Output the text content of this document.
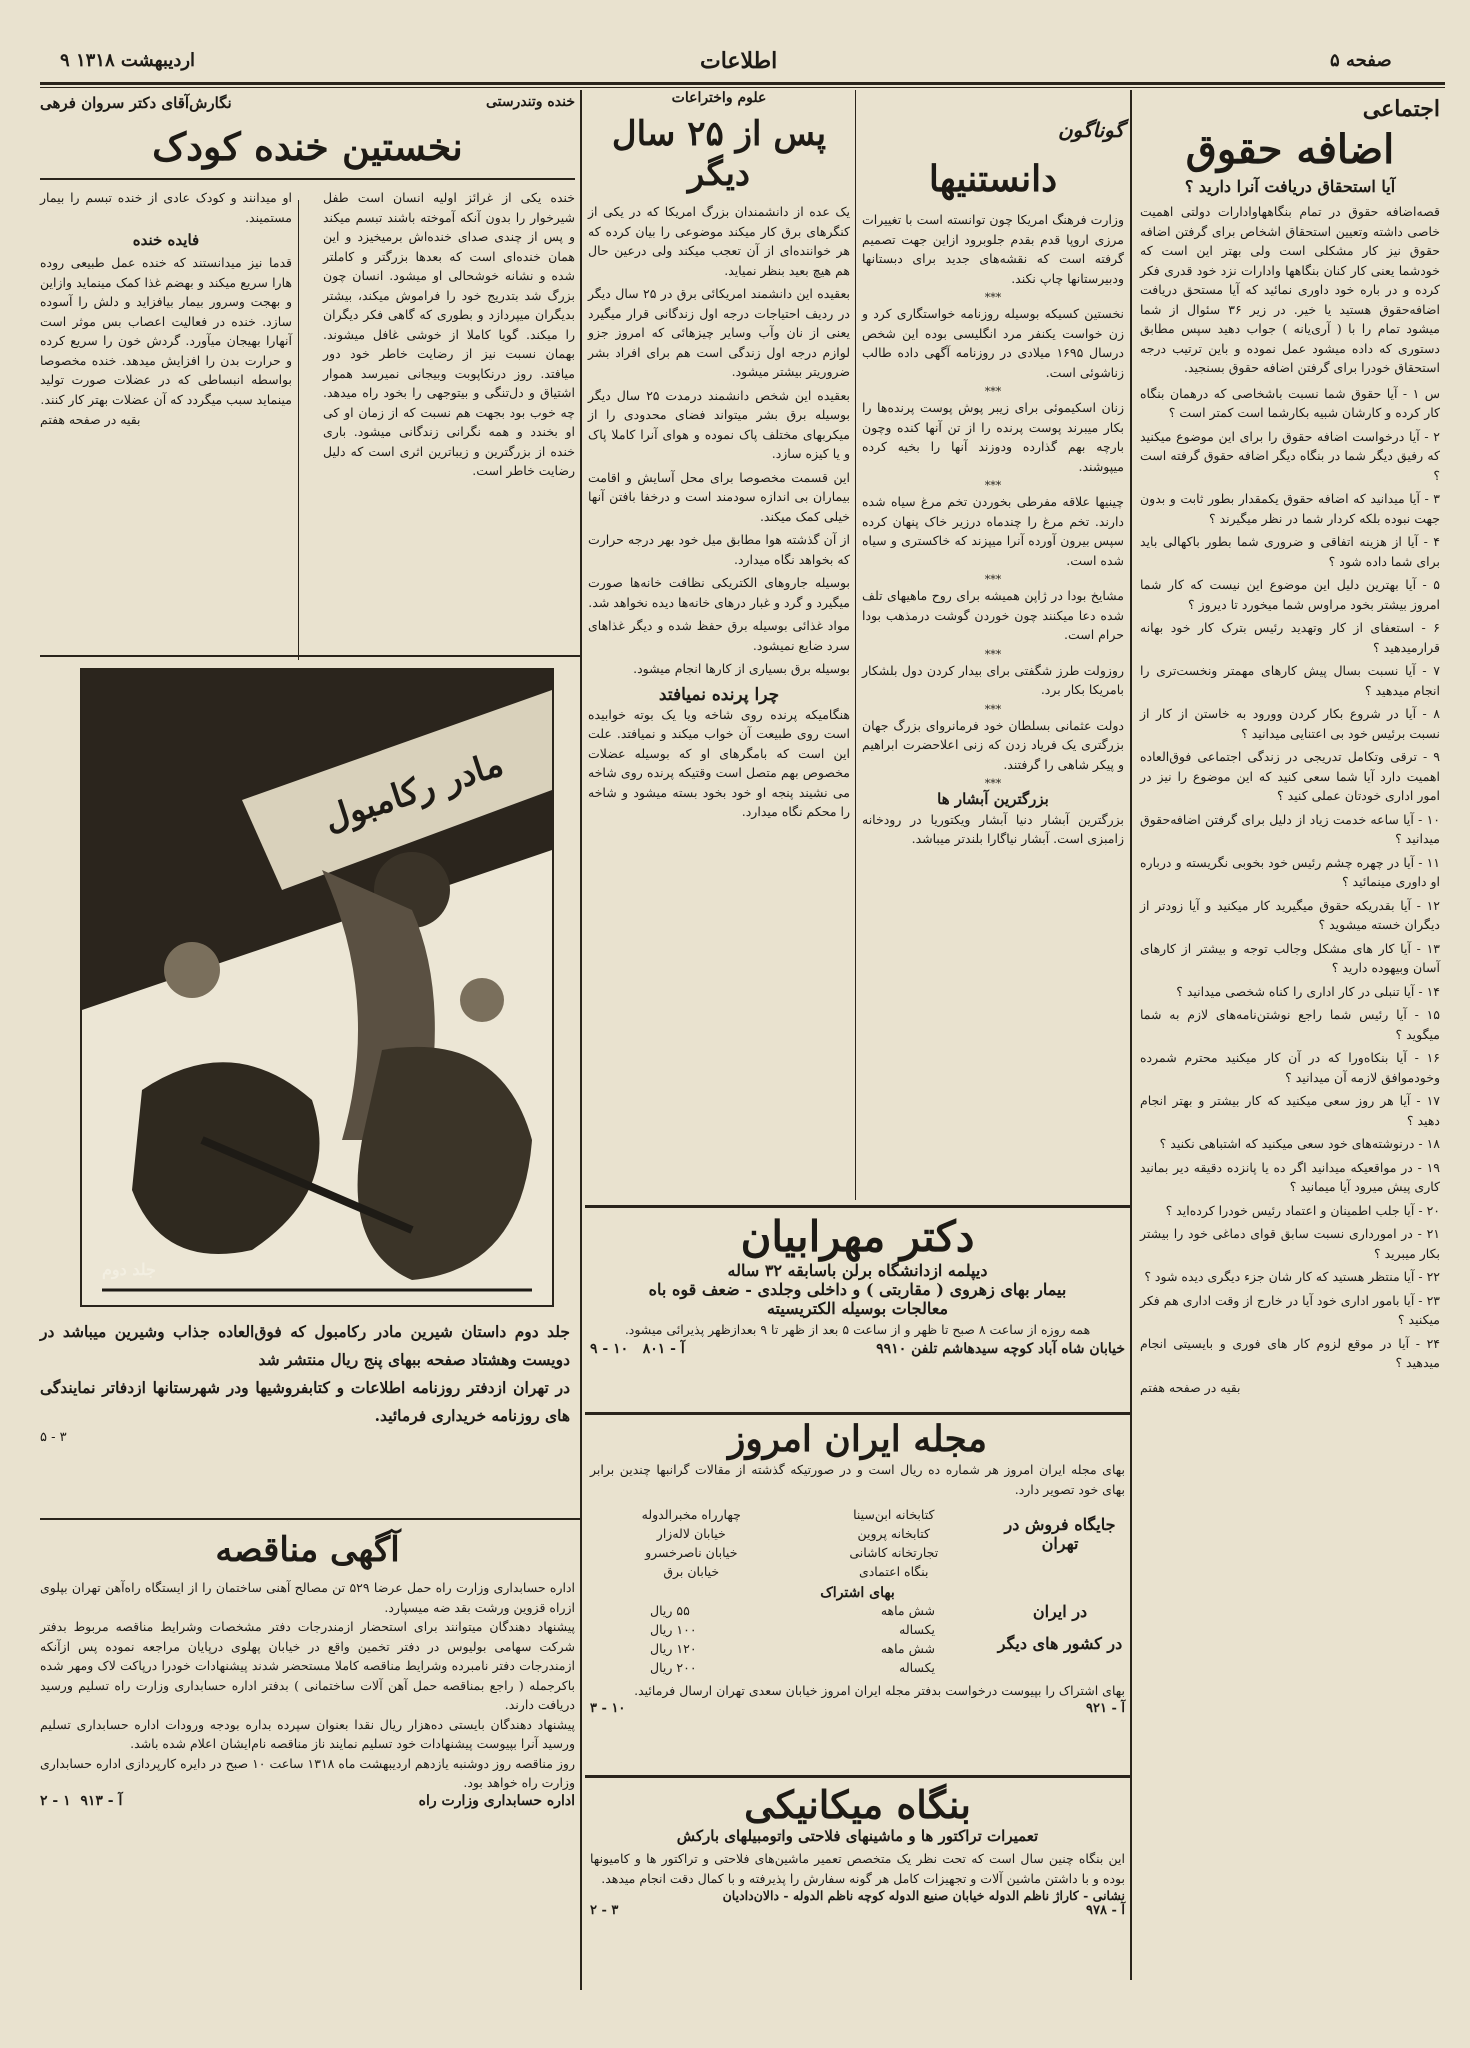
صفحه ۵
اطلاعات
۹ اردیبهشت ۱۳۱۸
اجتماعی
اضافه حقوق
آیا استحقاق دریافت آنرا دارید ؟
قصه‌اضافه حقوق در تمام بنگاههاوادارات دولتی اهمیت خاصی داشته وتعیین استحقاق اشخاص برای گرفتن اضافه حقوق نیز کار مشکلی است ولی بهتر این است که خودشما یعنی کار کنان بنگاهها وادارات نزد خود قدری فکر کرده و در باره خود داوری نمائید که آیا مستحق دریافت اضافه‌حقوق هستید یا خیر. در زیر ۳۶ سئوال از شما میشود تمام را با ( آری‌یانه ) جواب دهید سپس مطابق دستوری که داده میشود عمل نموده و باین ترتیب درجه استحقاق خودرا برای گرفتن اضافه حقوق بسنجید.

س ۱ - آیا حقوق شما نسبت باشخاصی که درهمان بنگاه کار کرده و کارشان شبیه بکارشما است کمتر است ؟

۲ - آیا درخواست اضافه حقوق را برای این موضوع میکنید که رفیق دیگر شما در بنگاه دیگر اضافه حقوق گرفته است ؟

۳ - آیا میدانید که اضافه حقوق یکمقدار بطور ثابت و بدون جهت نبوده بلکه کردار شما در نظر میگیرند ؟

۴ - آیا از هزینه اتفاقی و ضروری شما بطور باکهالی باید برای شما داده شود ؟

۵ - آیا بهترین دلیل این موضوع این نیست که کار شما امروز بیشتر بخود مراوس شما میخورد تا دیروز ؟

۶ - استعفای از کار وتهدید رئیس بترک کار خود بهانه قرارمیدهید ؟

۷ - آیا نسبت بسال پیش کارهای مهمتر ونخست‌تری را انجام میدهید ؟

۸ - آیا در شروع بکار کردن وورود به خاستن از کار از نسبت برئیس خود بی اعتنایی میدانید ؟

۹ - ترقی وتکامل تدریجی در زندگی اجتماعی فوق‌العاده اهمیت دارد آیا شما سعی کنید که این موضوع را نیز در امور اداری خودتان عملی کنید ؟

۱۰ - آیا ساعه خدمت زیاد از دلیل برای گرفتن اضافه‌حقوق میدانید ؟

۱۱ - آیا در چهره چشم رئیس خود بخوبی نگریسته و درباره او داوری مینمائید ؟

۱۲ - آیا بقدریکه حقوق میگیرید کار میکنید و آیا زودتر از دیگران خسته میشوید ؟

۱۳ - آیا کار های مشکل وجالب توجه و بیشتر از کارهای آسان وبیهوده دارید ؟

۱۴ - آیا تنبلی در کار اداری را کناه شخصی میدانید ؟

۱۵ - آیا رئیس شما راجع نوشتن‌نامه‌های لازم به شما میگوید ؟

۱۶ - آیا بنکاه‌ورا که در آن کار میکنید محترم شمرده وخودموافق لازمه آن میدانید ؟

۱۷ - آیا هر روز سعی میکنید که کار بیشتر و بهتر انجام دهید ؟

۱۸ - درنوشته‌های خود سعی میکنید که اشتباهی نکنید ؟

۱۹ - در مواقعیکه میدانید اگر ده یا پانزده دقیقه دیر بمانید کاری پیش میرود آیا میمانید ؟

۲۰ - آیا جلب اطمینان و اعتماد رئیس خودرا کرده‌اید ؟

۲۱ - در امورداری نسبت سابق قوای دماغی خود را بیشتر بکار میبرید ؟

۲۲ - آیا منتظر هستید که کار شان جزء دیگری دیده شود ؟

۲۳ - آیا بامور اداری خود آیا در خارج از وقت اداری هم فکر میکنید ؟

۲۴ - آیا در موقع لزوم کار های فوری و بایسیتی انجام میدهید ؟

بقیه در صفحه هفتم
گوناگون
دانستنیها

وزارت فرهنگ امریکا چون توانسته است با تغییرات مرزی اروپا قدم بقدم جلوبرود ازاین جهت تصمیم گرفته است که نقشه‌های جدید برای دبستانها ودبیرستانها چاپ نکند.

***

نخستین کسیکه بوسیله روزنامه خواستگاری کرد و زن خواست یکنفر مرد انگلیسی بوده این شخص درسال ۱۶۹۵ میلادی در روزنامه آگهی داده طالب زناشوئی است.

***

زنان اسکیموئی برای زیبر پوش پوست پرنده‌ها را بکار میبرند پوست پرنده را از تن آنها کنده وچون بارچه بهم گذارده ودوزند آنها را بخیه کرده میپوشند.

***

چینیها علاقه مفرطی بخوردن تخم مرغ سیاه شده دارند. تخم مرغ را چندماه درزیر خاک پنهان کرده سپس بیرون آورده آنرا میپزند که خاکستری و سیاه شده است.

***

مشایخ بودا در ژاپن همیشه برای روح ماهیهای تلف شده دعا میکنند چون خوردن گوشت درمذهب بودا حرام است.

***

روزولت طرز شگفتی برای بیدار کردن دول بلشکار بامریکا بکار برد.

***

دولت عثمانی بسلطان خود فرمانروای بزرگ جهان بزرگتری یک فریاد زدن که زنی اعلاحضرت ابراهیم و پیکر شاهی را گرفتند.

***
بزرگترین آبشار ها

بزرگترین آبشار دنیا آبشار ویکتوریا در رودخانه زامبزی است. آبشار نیاگارا بلندتر میباشد.

علوم واختراعات
پس از ۲۵ سال دیگر

یک عده از دانشمندان بزرگ امریکا که در یکی از کنگرهای برق کار میکند موضوعی را بیان کرده که هر خواننده‌ای از آن تعجب میکند ولی درعین حال هم هیچ بعید بنظر نمیاید.

بعقیده این دانشمند امریکائی برق در ۲۵ سال دیگر در ردیف احتیاجات درجه اول زندگانی قرار میگیرد یعنی از نان وآب وسایر چیزهائی که امروز جزو لوازم درجه اول زندگی است هم برای افراد بشر ضروریتر بیشتر میشود.

بعقیده این شخص دانشمند درمدت ۲۵ سال دیگر بوسیله برق بشر میتواند فضای محدودی را از میکربهای مختلف پاک نموده و هوای آنرا کاملا پاک و یا کیزه سازد.

این قسمت مخصوصا برای محل آسایش و اقامت بیماران بی اندازه سودمند است و درخفا بافتن آنها خیلی کمک میکند.

از آن گذشته هوا مطابق میل خود بهر درجه حرارت که بخواهد نگاه میدارد.

بوسیله جاروهای الکتریکی نظافت خانه‌ها صورت میگیرد و گرد و غبار درهای خانه‌ها دیده نخواهد شد.

مواد غذائی بوسیله برق حفظ شده و دیگر غذاهای سرد ضایع نمیشود.

بوسیله برق بسیاری از کارها انجام میشود.

چرا پرنده نمیافتد
هنگامیکه پرنده روی شاخه ویا یک بوته خوابیده است روی طبیعت آن خواب میکند و نمیافتد. علت این است که بامگرهای او که بوسیله عضلات مخصوص بهم متصل است وقتیکه پرنده روی شاخه می نشیند پنجه او خود بخود بسته میشود و شاخه را محکم نگاه میدارد.
خنده وتندرستی
نگارش‌آقای دکتر سروان فرهی
نخستین خنده کودک
خنده یکی از غرائز اولیه انسان است طفل شیرخوار را بدون آنکه آموخته باشند تبسم میکند و پس از چندی صدای خنده‌اش برمیخیزد و این همان خنده‌ای است که بعدها بزرگتر و کاملتر شده و نشانه خوشحالی او میشود. انسان چون بزرگ شد بتدریج خود را فراموش میکند، بیشتر بدیگران میپردازد و بطوری که گاهی فکر دیگران را میکند. گویا کاملا از خوشی غافل میشوند. بهمان نسبت نیز از رضایت خاطر خود دور میافتد. روز درنکاپوبت وبیجانی نمیرسد هموار اشتیاق و دل‌تنگی و بیتوجهی را بخود راه میدهد. چه خوب بود بجهت هم نسبت که از زمان او کی او بخندد و همه نگرانی زندگانی میشود. باری خنده از بزرگترین و زیباترین اثری است که دلیل رضایت خاطر است.
او میدانند و کودک عادی از خنده تبسم را بیمار مستمیند.
فایده خنده
قدما نیز میدانستند که خنده عمل طبیعی روده هارا سریع میکند و بهضم غذا کمک مینماید وازاین و بهجت وسرور بیمار بیافزاید و دلش را آسوده سازد. خنده در فعالیت اعصاب بس موثر است آنهارا بهیجان میآورد. گردش خون را سریع کرده و حرارت بدن را افزایش میدهد. خنده مخصوصا بواسطه انبساطی که در عضلات صورت تولید مینماید سبب میگردد که آن عضلات بهتر کار کنند.
بقیه در صفحه هفتم
مادر رکامبول
جلد دوم
جلد دوم داستان شیرین مادر رکامبول که فوق‌العاده جذاب وشیرین میباشد در دویست وهشتاد صفحه ببهای پنج ریال منتشر شد
در تهران ازدفتر روزنامه اطلاعات و کتابفروشیها ودر شهرستانها ازدفاتر نمایندگی های روزنامه خریداری فرمائید.
۳ - ۵
آگهی مناقصه
اداره حسابداری وزارت راه حمل عرضا ۵۲۹ تن مصالح آهنی ساختمان را از ایستگاه راه‌آهن تهران بپلوی ازراه قزوین ورشت بقد ضه میسپارد.
پیشنهاد دهندگان میتوانند برای استحضار ازمندرجات دفتر مشخصات وشرایط مناقصه مربوط بدفتر شرکت سهامی بولیوس در دفتر تخمین واقع در خیابان پهلوی درپایان مراجعه نموده پس ازآنکه ازمندرجات دفتر نامبرده وشرایط مناقصه کاملا مستحضر شدند پیشنهادات خودرا درپاکت لاک ومهر شده باکرجمله ( راجع بمناقصه حمل آهن آلات ساختمانی ) بدفتر اداره حسابداری وزارت راه تسلیم ورسید دریافت دارند.
پیشنهاد دهندگان بایستی ده‌هزار ریال نقدا بعنوان سپرده بداره بودجه ورودات اداره حسابداری تسلیم ورسید آنرا بپیوست پیشنهادات خود تسلیم نمایند ناز مناقصه نام‌ایشان اعلام شده باشد.
روز مناقصه روز دوشنبه یازدهم اردیبهشت ماه ۱۳۱۸ ساعت ۱۰ صبح در دایره کارپردازی اداره حسابداری وزارت راه خواهد بود.
اداره حسابداری وزارت راه
آ - ۹۱۳  ۱ - ۲
دکتر مهرابیان
دیپلمه ازدانشگاه برلن باسابقه ۳۲ ساله
بیمار بهای زهروی ( مقاربتی ) و داخلی وجلدی - ضعف قوه باه
معالجات بوسیله الکتریسیته
همه روزه از ساعت ۸ صبح تا ظهر و از ساعت ۵ بعد از ظهر تا ۹ بعدازظهر پذیرائی میشود.
خیابان شاه آباد کوچه سیدهاشم تلفن ۹۹۱۰
۹ - ۱۰ آ - ۸۰۱
مجله ایران امروز
بهای مجله ایران امروز هر شماره ده ریال است و در صورتیکه گذشته از مقالات گرانبها چندین برابر بهای خود تصویر دارد.
جایگاه فروش در تهران
کتابخانه ابن‌سینا
چهارراه مخبرالدوله
کتابخانه پروین
خیابان لاله‌زار
تجارتخانه کاشانی
خیابان ناصرخسرو
بنگاه اعتمادی
خیابان برق
بهای اشتراک
در ایران
در کشور های دیگر
شش ماهه
۵۵ ریال
یکساله
۱۰۰ ریال
شش ماهه
۱۲۰ ریال
یکساله
۲۰۰ ریال
بهای اشتراک را بپیوست درخواست بدفتر مجله ایران امروز خیابان سعدی تهران ارسال فرمائید.
آ - ۹۲۱
۱۰ - ۳
بنگاه میکانیکی
تعمیرات تراکتور ها و ماشینهای فلاحتی واتومبیلهای بارکش
این بنگاه چنین سال است که تحت نظر یک متخصص تعمیر ماشین‌های فلاحتی و تراکتور ها و کامیونها بوده و با داشتن ماشین آلات و تجهیزات کامل هر گونه سفارش را پذیرفته و با کمال دقت انجام میدهد.
نشانی - کاراژ ناظم الدوله خیابان صنیع الدوله کوچه ناظم الدوله - دالان‌دادیان
۲ - ۳	آ - ۹۷۸
